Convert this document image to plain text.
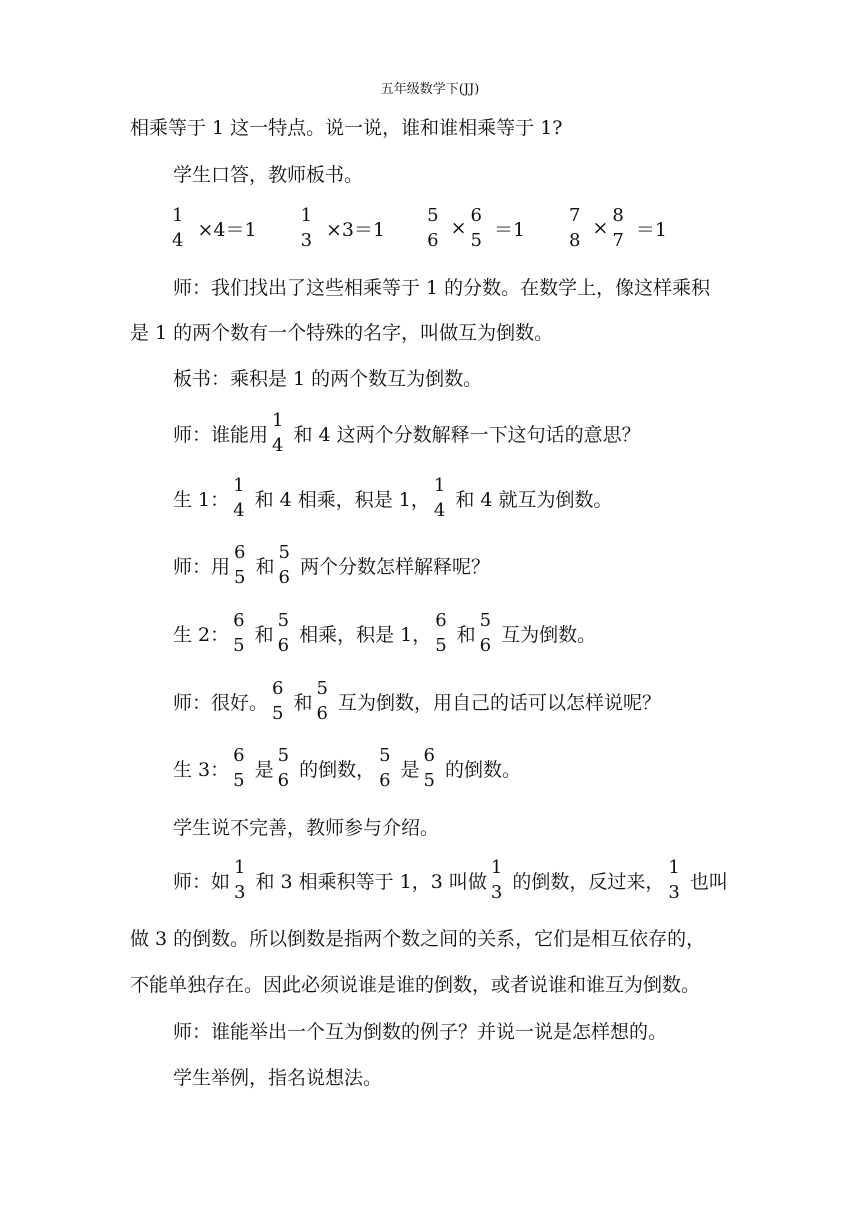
五年级数学下(JJ)
相乘等于 1 这一特点。说一说，谁和谁相乘等于 1?
学生口答，教师板书。
1
4 ×4＝1
1
3 ×3＝1
5
6
×
6
5 ＝1
7
8
×
8
7 ＝1
师：我们找出了这些相乘等于 1 的分数。在数学上，像这样乘积
是 1 的两个数有一个特殊的名字，叫做互为倒数。
板书：乘积是 1 的两个数互为倒数。
师：谁能用
1
4 和 4 这两个分数解释一下这句话的意思？
生 1：
1
4 和 4 相乘，积是 1，
1
4 和 4 就互为倒数。
师：用
6
5 和
5
6 两个分数怎样解释呢？
生 2：
6
5 和
5
6 相乘，积是 1，
6
5 和
5
6 互为倒数。
师：很好。
6
5 和
5
6 互为倒数，用自己的话可以怎样说呢？
生 3：
6
5 是
5
6 的倒数，
5
6 是
6
5 的倒数。
学生说不完善，教师参与介绍。
师：如
1
3 和 3 相乘积等于 1，3 叫做
1
3 的倒数，反过来，
1
3 也叫
做 3 的倒数。所以倒数是指两个数之间的关系，它们是相互依存的，
不能单独存在。因此必须说谁是谁的倒数，或者说谁和谁互为倒数。
师：谁能举出一个互为倒数的例子？并说一说是怎样想的。
学生举例，指名说想法。
